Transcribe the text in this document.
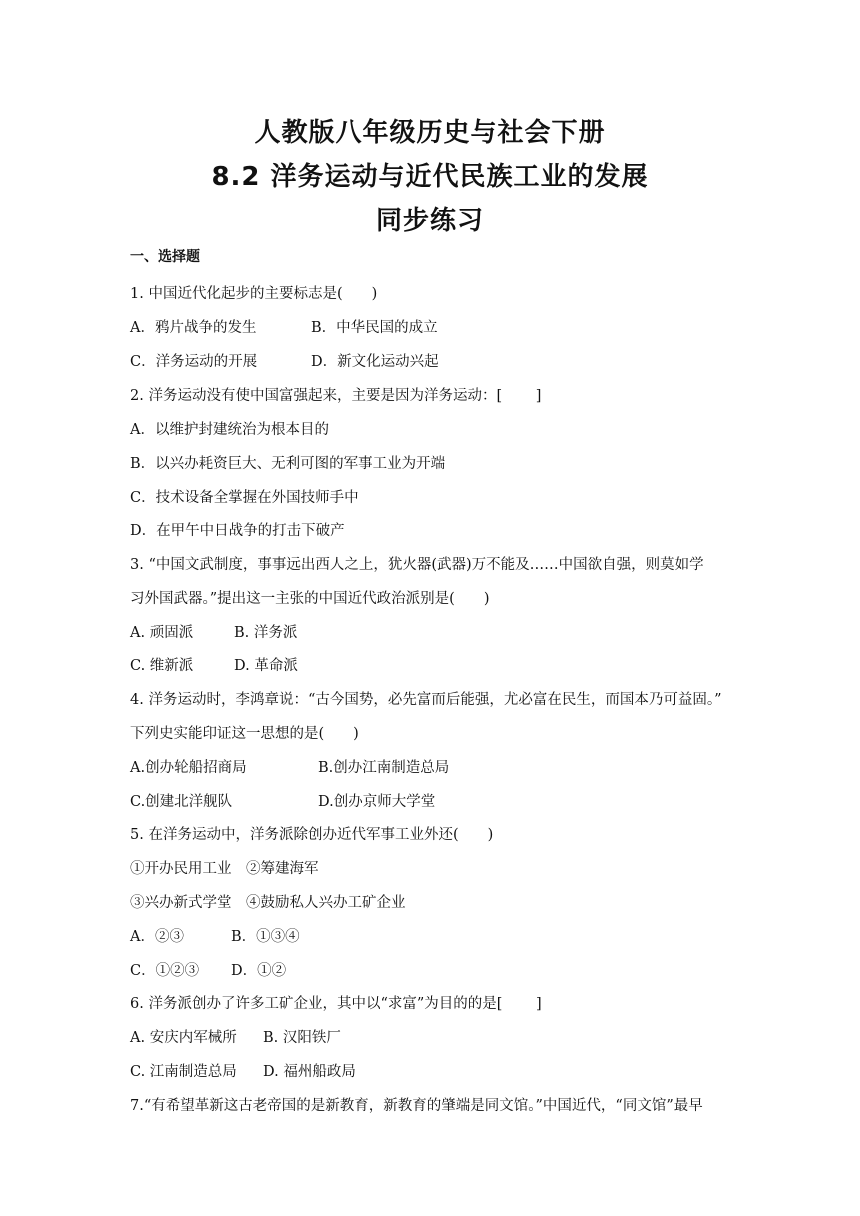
人教版八年级历史与社会下册
8.2 洋务运动与近代民族工业的发展
同步练习
一、选择题
1. 中国近代化起步的主要标志是(　　)
A．鸦片战争的发生	B．中华民国的成立
C．洋务运动的开展	D．新文化运动兴起
2. 洋务运动没有使中国富强起来，主要是因为洋务运动：[　　 ]
A．以维护封建统治为根本目的
B．以兴办耗资巨大、无利可图的军事工业为开端
C．技术设备全掌握在外国技师手中
D．在甲午中日战争的打击下破产
3. “中国文武制度，事事远出西人之上，犹火器(武器)万不能及……中国欲自强，则莫如学
习外国武器。”提出这一主张的中国近代政治派别是(　　)
A. 顽固派	B. 洋务派
C. 维新派	D. 革命派
4. 洋务运动时，李鸿章说：“古今国势，必先富而后能强，尤必富在民生，而国本乃可益固。”
下列史实能印证这一思想的是(　　)
A.创办轮船招商局	B.创办江南制造总局
C.创建北洋舰队	D.创办京师大学堂
5. 在洋务运动中，洋务派除创办近代军事工业外还(　　)
①开办民用工业　②筹建海军
③兴办新式学堂　④鼓励私人兴办工矿企业
A．②③	B．①③④
C．①②③ D．①②
6. 洋务派创办了许多工矿企业，其中以“求富”为目的的是[　　 ]
A. 安庆内军械所 B. 汉阳铁厂
C. 江南制造总局 D. 福州船政局
7.“有希望革新这古老帝国的是新教育，新教育的肇端是同文馆。”中国近代，“同文馆”最早
